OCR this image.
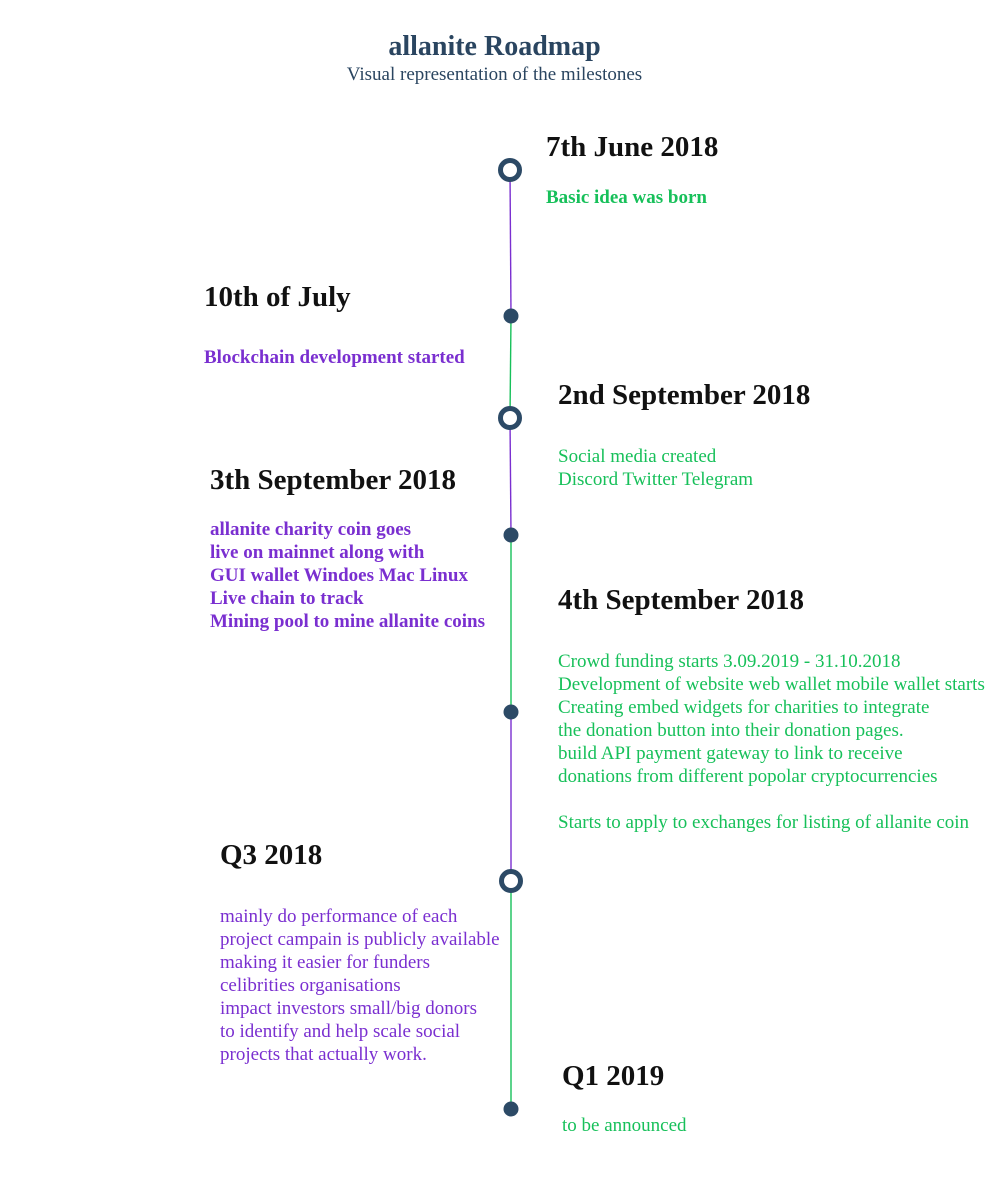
allanite Roadmap
Visual representation of the milestones
7th June 2018
Basic idea was born
10th of July
Blockchain development started
2nd September 2018
Social media created
Discord Twitter Telegram
3th September 2018
allanite charity coin goes
live on mainnet along with
GUI wallet Windoes Mac Linux
Live chain to track
Mining pool to mine allanite coins
4th September 2018
Crowd funding starts 3.09.2019 - 31.10.2018
Development of website web wallet mobile wallet starts
Creating embed widgets for charities to integrate
the donation button into their donation pages.
build API payment gateway to link to receive
donations from different popolar cryptocurrencies
Starts to apply to exchanges for listing of allanite coin
Q3 2018
mainly do performance of each
project campain is publicly available
making it easier for funders
celibrities organisations
impact investors small/big donors
to identify and help scale social
projects that actually work.
Q1 2019
to be announced
